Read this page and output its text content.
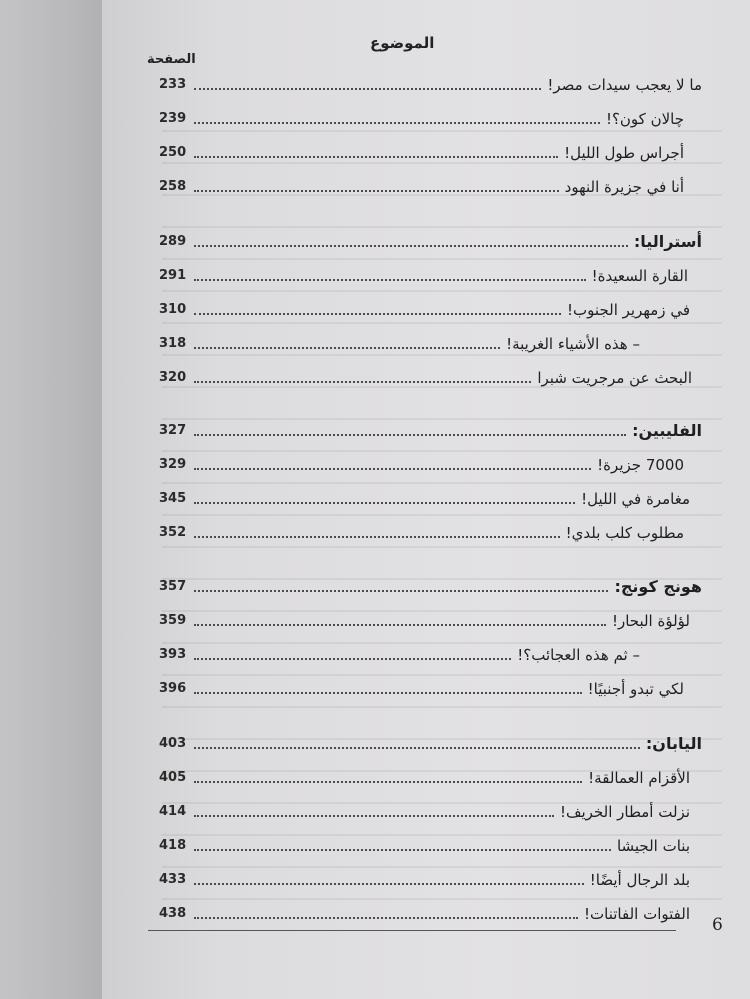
الموضوع
الصفحة
233	ما لا يعجب سيدات مصر!
239	چالان كون؟!
250	أجراس طول الليل!
258	أنا في جزيرة النهود
289	أستراليا:
291	القارة السعيدة!
310	في زمهرير الجنوب!
318	– هذه الأشياء الغريبة!
320	البحث عن مرجريت شبرا
327	الفليبين:
329	7000 جزيرة!
345	مغامرة في الليل!
352	مطلوب كلب بلدي!
357	هونج كونج:
359	لؤلؤة البحار!
393	– ثم هذه العجائب؟!
396	لكي تبدو أجنبيًا!
403	اليابان:
405	الأقزام العمالقة!
414	نزلت أمطار الخريف!
418	بنات الجيشا
433	بلد الرجال أيضًا!
438	الفتوات الفاتنات!
6
